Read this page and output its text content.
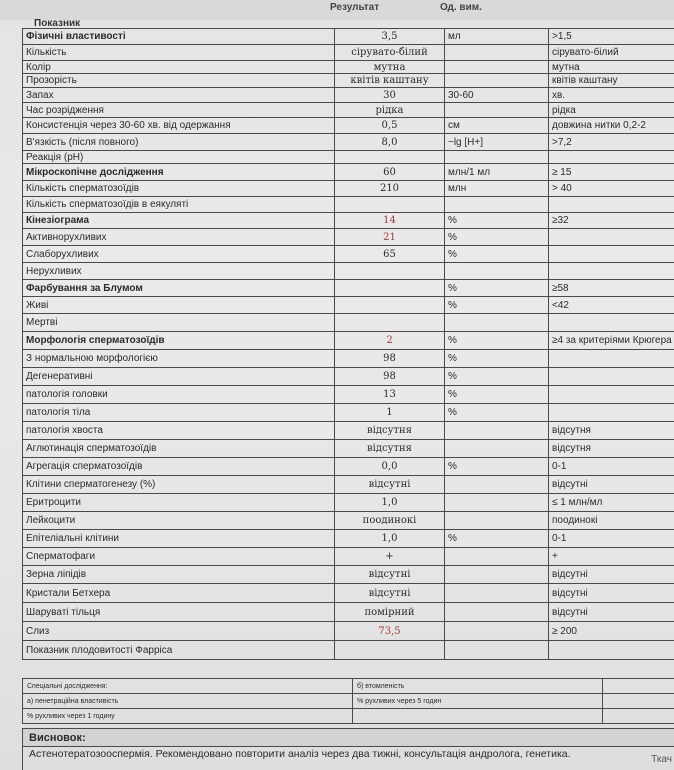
Результат	Од. вим.
Показник
Фізичні властивості	3,5	мл	>1,5
Кількість	сірувато-білий		сірувато-білий
Колір	мутна		мутна
Прозорість	квітів каштану		квітів каштану
Запах	30	30-60	хв.
Час розрідження	рідка		рідка
Консистенція через 30-60 хв. від одержання	0,5	см	довжина нитки 0,2-2
В'язкість (після повного)	8,0	−lg [H+]	>7,2
Реакція (pH)			
Мікроскопічне дослідження	60	млн/1 мл	≥ 15
Кількість сперматозоїдів	210	млн	> 40
Кількість сперматозоїдів в еякуляті			
Кінезіограма	14	%	≥32
Активнорухливих	21	%	
Слаборухливих	65	%	
Нерухливих			
Фарбування за Блумом		%	≥58
Живі		%	<42
Мертві			
Морфологія сперматозоїдів	2	%	≥4 за критеріями Крюгера
З нормальною морфологією	98	%	
Дегенеративні	98	%	
патологія головки	13	%	
патологія тіла	1	%	
патологія хвоста	відсутня		відсутня
Аглютинація сперматозоїдів	відсутня		відсутня
Агрегація сперматозоїдів	0,0	%	0-1
Клітини сперматогенезу (%)	відсутні		відсутні
Еритроцити	1,0		≤ 1 млн/мл
Лейкоцити	поодинокі		поодинокі
Епітеліальні клітини	1,0	%	0-1
Сперматофаги	+		+
Зерна ліпідів	відсутні		відсутні
Кристали Бетхера	відсутні		відсутні
Шаруваті тільця	помірний		відсутні
Слиз	73,5		≥ 200
Показник плодовитості Фарріса			
Спеціальні дослідження:	б) втомленість	
а) пенетраційна властивість	% рухливих через 5 годин	
% рухливих через 1 годину		
Висновок:
Астенотератозооспермія. Рекомендовано повторити аналіз через два тижні, консультація андролога, генетика.	Ткач
